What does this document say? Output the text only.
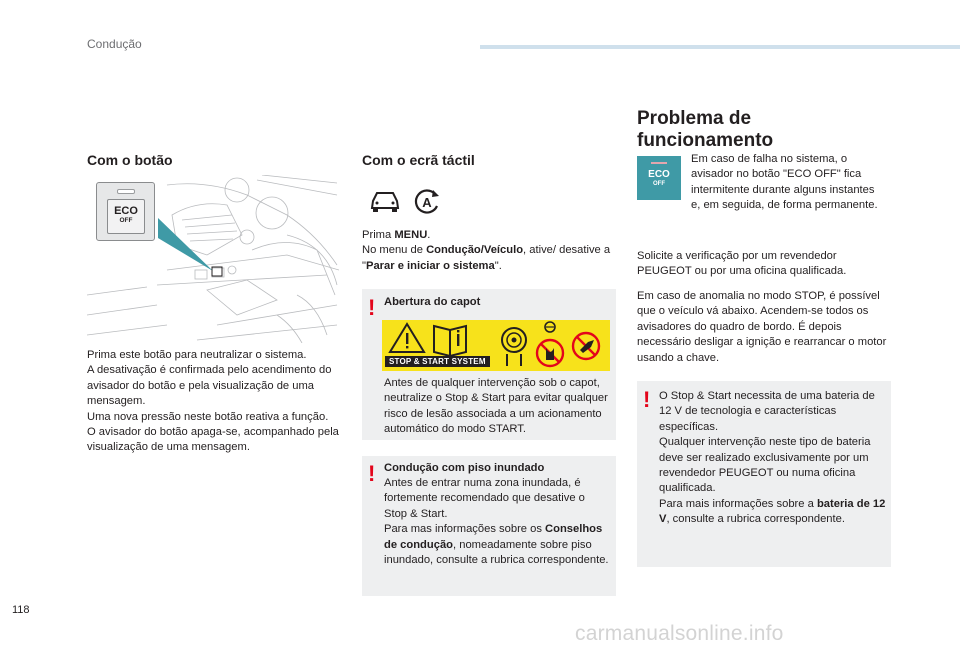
Condução
Com o botão
ECO
OFF
Prima este botão para neutralizar o sistema.
A desativação é confirmada pelo acendimento do avisador do botão e pela visualização de uma mensagem.
Uma nova pressão neste botão reativa a função.
O avisador do botão apaga-se, acompanhado pela visualização de uma mensagem.
Com o ecrã táctil
A
Prima MENU.
No menu de Condução/Veículo, ative/ desative a "Parar e iniciar o sistema".
! Abertura do capot
STOP & START SYSTEM
Antes de qualquer intervenção sob o capot, neutralize o Stop & Start para evitar qualquer risco de lesão associada a um acionamento automático do modo START.
! Condução com piso inundado
Antes de entrar numa zona inundada, é fortemente recomendado que desative o Stop & Start.
Para mas informações sobre os Conselhos de condução, nomeadamente sobre piso inundado, consulte a rubrica correspondente.
Problema de funcionamento
ECO
OFF
Em caso de falha no sistema, o avisador no botão "ECO OFF" fica intermitente durante alguns instantes e, em seguida, de forma permanente.
Solicite a verificação por um revendedor PEUGEOT ou por uma oficina qualificada.
Em caso de anomalia no modo STOP, é possível que o veículo vá abaixo. Acendem-se todos os avisadores do quadro de bordo. É depois necessário desligar a ignição e rearrancar o motor usando a chave.
! O Stop & Start necessita de uma bateria de 12 V de tecnologia e características específicas.
Qualquer intervenção neste tipo de bateria deve ser realizado exclusivamente por um revendedor PEUGEOT ou numa oficina qualificada.
Para mais informações sobre a bateria de 12 V, consulte a rubrica correspondente.
118
carmanualsonline.info
